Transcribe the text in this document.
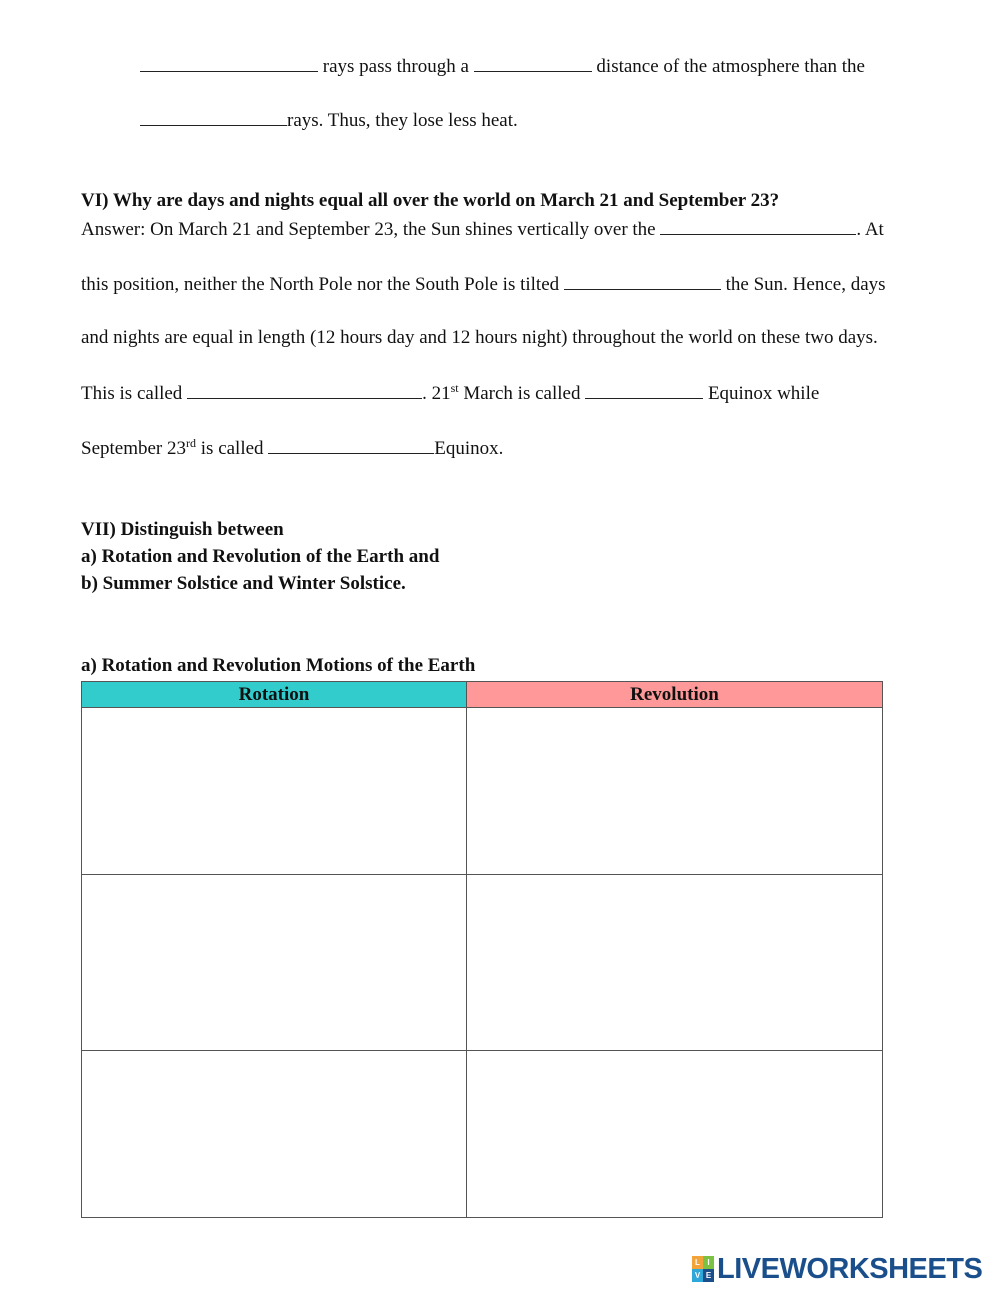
rays pass through a	distance of the atmosphere than the
rays. Thus, they lose less heat.
VI) Why are days and nights equal all over the world on March 21 and September 23?
Answer: On March 21 and September 23, the Sun shines vertically over the	. At
this position, neither the North Pole nor the South Pole is tilted	the Sun. Hence, days
and nights are equal in length (12 hours day and 12 hours night) throughout the world on these two days.
This is called	. 21st March is called	Equinox while
September 23rd is called	Equinox.
VII) Distinguish between
a) Rotation and Revolution of the Earth and
b) Summer Solstice and Winter Solstice.
a) Rotation and Revolution Motions of the Earth
Rotation	Revolution

L I
V E LIVEWORKSHEETS
